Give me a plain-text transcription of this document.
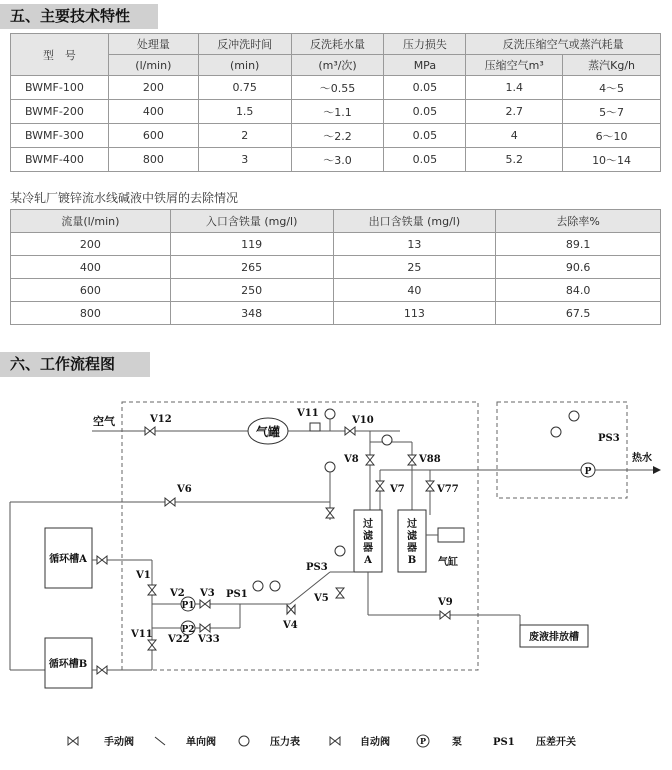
五、主要技术特性
型　号	处理量	反冲洗时间	反洗耗水量	压力损失	反洗压缩空气或蒸汽耗量	
	(l/min)	(min)	(m³/次)	MPa	压缩空气m³	蒸汽Kg/h
BWMF-100	200	0.75	～0.55	0.05	1.4	4～5
BWMF-200	400	1.5	～1.1	0.05	2.7	5～7
BWMF-300	600	2	～2.2	0.05	4	6～10
BWMF-400	800	3	～3.0	0.05	5.2	10～14
某冷轧厂镀锌流水线碱液中铁屑的去除情况
流量(l/min)	入口含铁量 (mg/l)	出口含铁量 (mg/l)	去除率%
200	119	13	89.1
400	265	25	90.6
600	250	40	84.0
800	348	113	67.5
六、工作流程图
气罐
空气	V12
V11
V10
V8	V88
V7	V77
过
滤
器
A
过
滤
器
B 气缸
V6
循环槽A
循环槽B
V1
V11
P1
P2
V2 V3
V22 V33
PS1
V4
PS3
V5	V9
废液排放槽
热水
PS3
P
手动阀	单向阀	压力表	自动阀	P	泵	PS1 压差开关
